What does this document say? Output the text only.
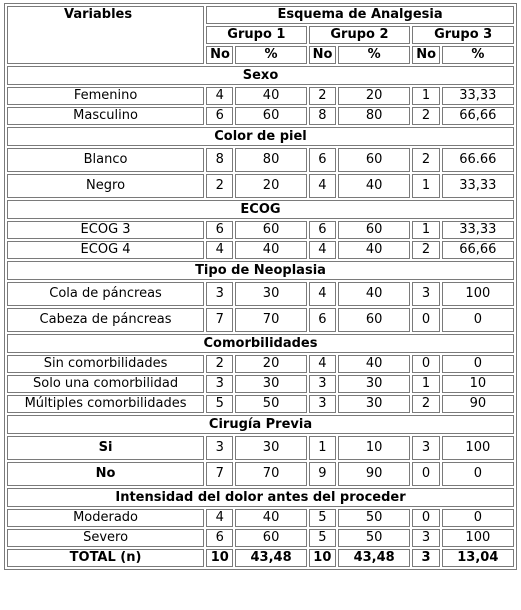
Variables	Esquema de Analgesia					
	Grupo 1		Grupo 2		Grupo 3	
	No	%	No	%	No	%
Sexo						
Femenino	4	40	2	20	1	33,33
Masculino	6	60	8	80	2	66,66
Color de piel						
Blanco	8	80	6	60	2	66.66
Negro	2	20	4	40	1	33,33
ECOG						
ECOG 3	6	60	6	60	1	33,33
ECOG 4	4	40	4	40	2	66,66
Tipo de Neoplasia						
Cola de páncreas	3	30	4	40	3	100
Cabeza de páncreas	7	70	6	60	0	0
Comorbilidades						
Sin comorbilidades	2	20	4	40	0	0
Solo una comorbilidad	3	30	3	30	1	10
Múltiples comorbilidades	5	50	3	30	2	90
Cirugía Previa						
Si	3	30	1	10	3	100
No	7	70	9	90	0	0
Intensidad del dolor antes del proceder						
Moderado	4	40	5	50	0	0
Severo	6	60	5	50	3	100
TOTAL (n)	10	43,48	10	43,48	3	13,04
